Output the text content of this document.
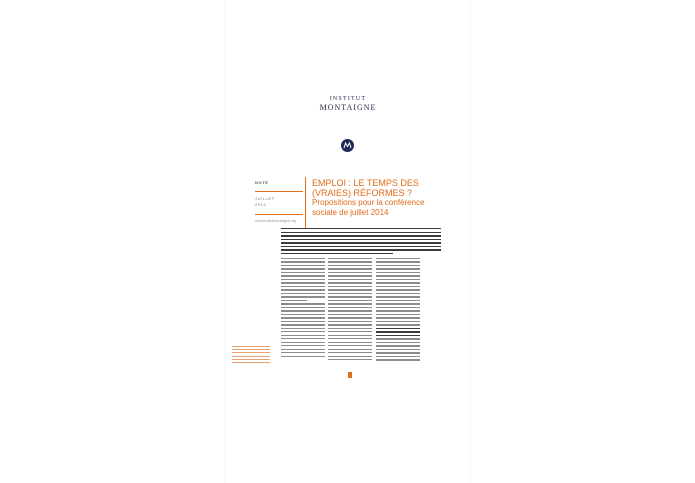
INSTITUT
MONTAIGNE
NOTE
JUILLET
2014
www.institutmontaigne.org
EMPLOI : LE TEMPS DES
(VRAIES) RÉFORMES ?
Propositions pour la conférence
sociale de juillet 2014
